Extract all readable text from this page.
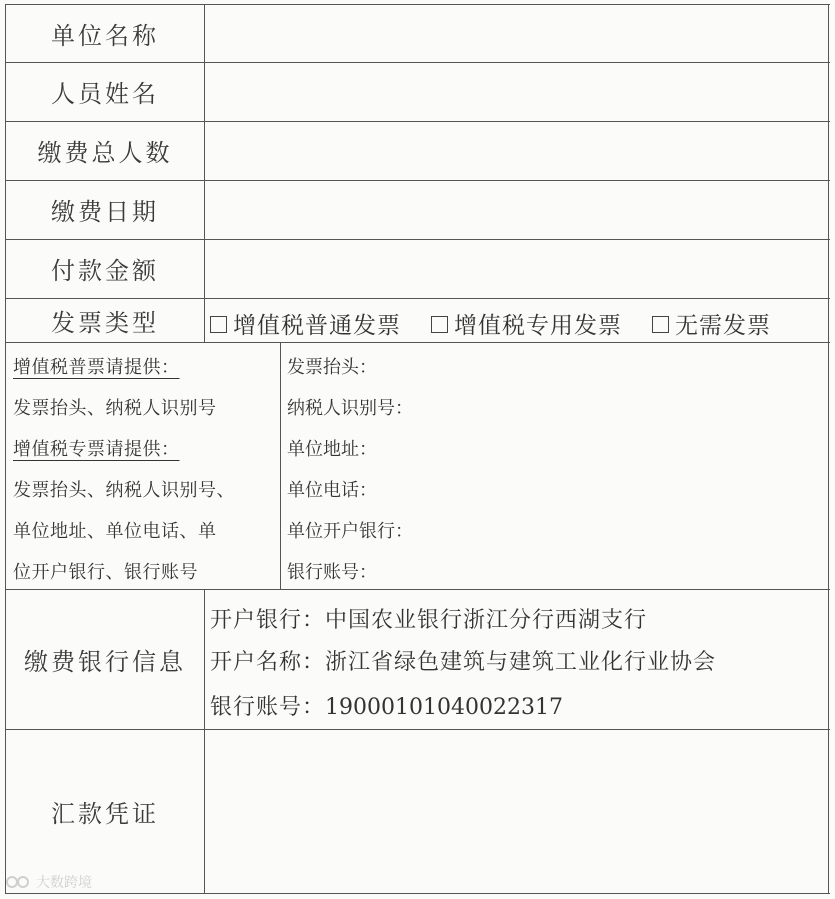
单位名称
人员姓名
缴费总人数
缴费日期
付款金额
发票类型	增值税普通发票 增值税专用发票 无需发票
增值税普票请提供：
发票抬头、纳税人识别号
增值税专票请提供：
发票抬头、纳税人识别号、
单位地址、单位电话、单
位开户银行、银行账号
发票抬头：
纳税人识别号：
单位地址：
单位电话：
单位开户银行：
银行账号：
缴费银行信息
开户银行：中国农业银行浙江分行西湖支行
开户名称：浙江省绿色建筑与建筑工业化行业协会
银行账号：19000101040022317
汇款凭证
大数跨境
